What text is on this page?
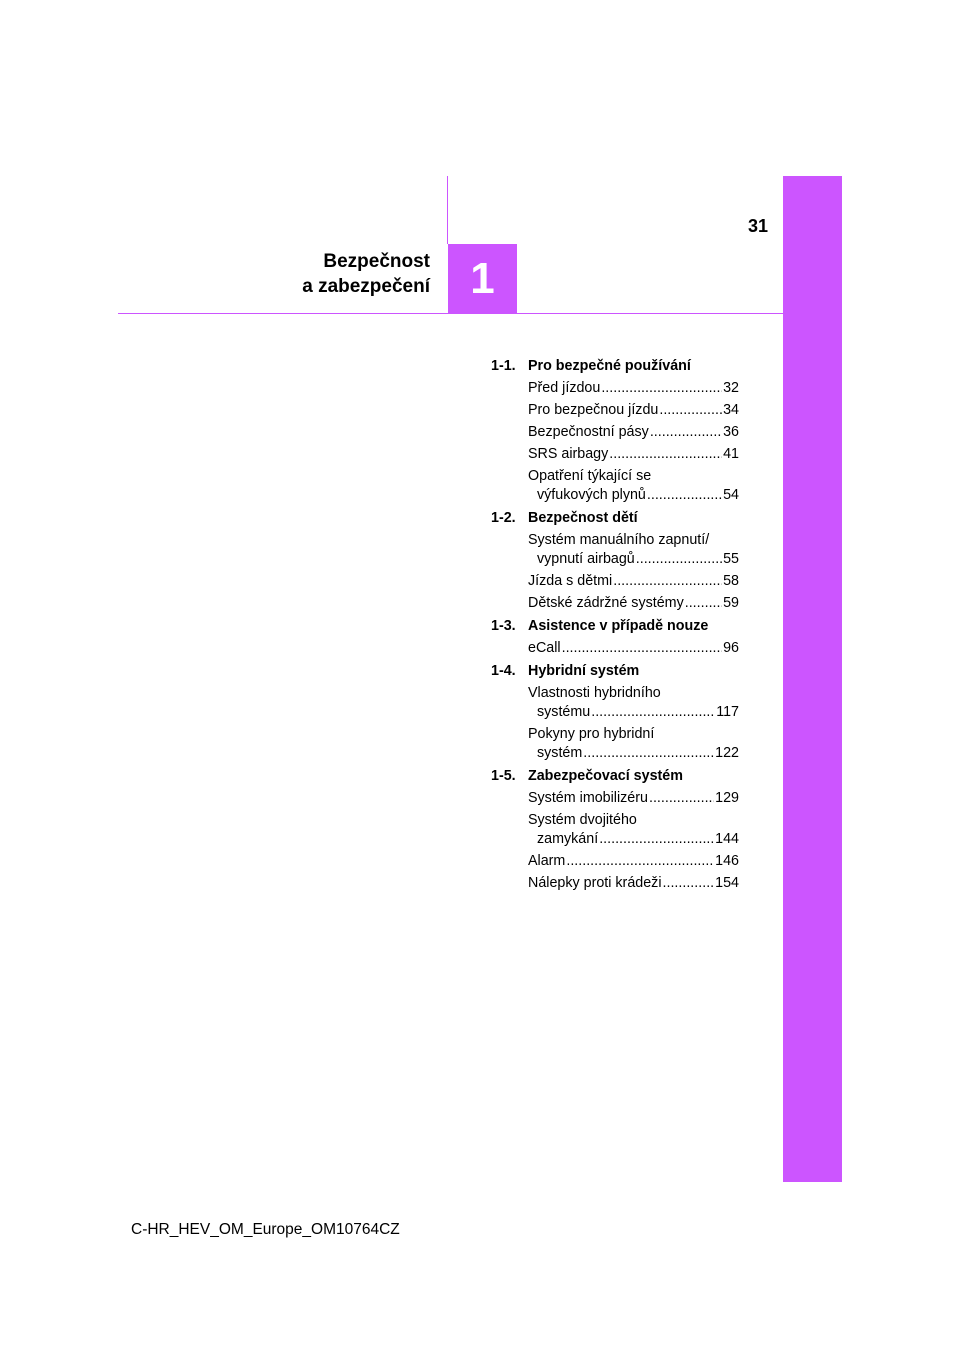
1
Bezpečnost
a zabezpečení
31
1-1. Pro bezpečné používání
Před jízdou .....	32
Pro bezpečnou jízdu .....	34
Bezpečnostní pásy .....	36
SRS airbagy .....	41
Opatření týkající se
výfukových plynů .....	54
1-2. Bezpečnost dětí
Systém manuálního zapnutí/
vypnutí airbagů .....	55
Jízda s dětmi .....	58
Dětské zádržné systémy .....	59
1-3. Asistence v případě nouze
eCall .....	96
1-4. Hybridní systém
Vlastnosti hybridního
systému .....	117
Pokyny pro hybridní
systém .....	122
1-5. Zabezpečovací systém
Systém imobilizéru .....	129
Systém dvojitého
zamykání .....	144
Alarm .....	146
Nálepky proti krádeži .....	154
C-HR_HEV_OM_Europe_OM10764CZ
